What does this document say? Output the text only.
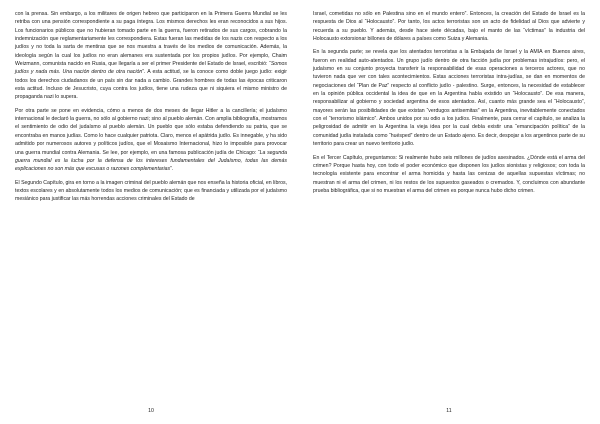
con la prensa. Sin embargo, a los militares de origen hebreo que participaron en la Primera Guerra Mundial se les retriba con una pensión correspondiente a su paga íntegra. Los mismos derechos les eran reconocidos a sus hijos. Los funcionarios públicos que no hubieran tomado parte en la guerra, fueron retirados de sus cargos, cobrando la indemnización que reglamentariamente les correspondiera. Estas fueran las medidas de los nazis con respecto a los judíos y no toda la sarta de mentiras que se nos muestra a través de los medios de comunicación. Además, la ideología según la cual los judíos no eran alemanes era sustentada por los propios judíos. Por ejemplo, Chaim Weizmann, comunista nacido en Rusia, que llegaría a ser el primer Presidente del Estado de Israel, escribió: “Somos judíos y nada más. Una nación dentro de otra nación”. A esta actitud, se la conoce como doble juego judío: exigir todos los derechos ciudadanos de un país sin dar nada a cambio. Grandes hombres de todas las épocas criticaron esta actitud. Incluso de Jesucristo, cuya contra los judíos, tiene una rudeza que ni siquiera el mismo ministro de propaganda nazi lo supera.

Por otra parte se pone en evidencia, cómo a menos de dos meses de llegar Hitler a la cancillería; el judaísmo internacional le declaró la guerra, no sólo al gobierno nazi; sino al pueblo alemán. Con amplia bibliografía, mostramos el sentimiento de odio del judaísmo al pueblo alemán. Un pueblo que sólo estaba defendiendo su patria, que se encontraba en manos judías. Como lo hace cualquier patriota. Claro, menos el apátrida judío. Es innegable, y ha sido admitido por numerosos autores y políticos judíos, que el Mosaismo Internacional, hizo lo imposible para provocar una guerra mundial contra Alemania. Se lee, por ejemplo, en una famosa publicación judía de Chicago: “La segunda guerra mundial es la lucha por la defensa de los intereses fundamentales del Judaísmo, todas las demás explicaciones no son más que excusas o razones complementarias”.

El Segundo Capítulo, gira en torno a la imagen criminal del pueblo alemán que nos enseña la historia oficial, en libros, textos escolares y en absolutamente todos los medios de comunicación; que es financiada y utilizada por el judaísmo mesiánico para justificar las más horrendas acciones criminales del Estado de

10

Israel, cometidas no sólo en Palestina sino en el mundo entero”. Entonces, la creación del Estado de Israel es la respuesta de Dios al “Holocausto”. Por tanto, los actos terroristas son un acto de fidelidad al Dios que advierte y recuerda a su pueblo. Y además, desde hace siete décadas, bajo el manto de las “víctimas” la industria del Holocausto extorsionar billones de dólares a países como Suiza y Alemania.

En la segunda parte; se revela que los atentados terroristas a la Embajada de Israel y la AMIA en Buenos aires, fueron en realidad auto-atentados. Un grupo judío dentro de otra facción judía por problemas intrajudíos: pero, el judaísmo en su conjunto proyecta transferir la responsabilidad de esas operaciones a terceros actores, que no tuvieron nada que ver con tales acontecimientos. Estas acciones terroristas intra-judías, se dan en momentos de negociaciones del “Plan de Paz” respecto al conflicto judío - palestino. Surge, entonces, la necesidad de establecer en la opinión pública occidental la idea de que en la Argentina había existido un “Holocausto”. De esa manera, responsabilizar al gobierno y sociedad argentina de esos atentados. Así, cuanto más grande sea el “Holocausto”, mayores serán las posibilidades de que existan “verdugos antisemitas” en la Argentina, inevitablemente conectados con el “terrorismo islámico”. Ambos unidos por su odio a los judíos. Finalmente, para cerrar el capítulo, se analiza la peligrosidad de admitir en la Argentina la vieja idea por la cual debía existir una “emancipación política” de la comunidad judía instalada como “huésped” dentro de un Estado ajeno. Es decir, despojar a los argentinos parte de su territorio para crear un nuevo territorio judío.

En el Tercer Capítulo, preguntamos: Si realmente hubo seis millones de judíos asesinados. ¿Dónde está el arma del crimen? Porque hasta hoy, con todo el poder económico que disponen los judíos sionistas y religiosos; con toda la tecnología existente para encontrar el arma homicida y hasta las cenizas de aquellas supuestas víctimas; no muestran ni el arma del crimen, ni los restos de los supuestos gaseados o cremados. Y, concluimos con abundante prueba bibliográfica, que si no muestran el arma del crimen es porque nunca hubo dicho crimen.

11
